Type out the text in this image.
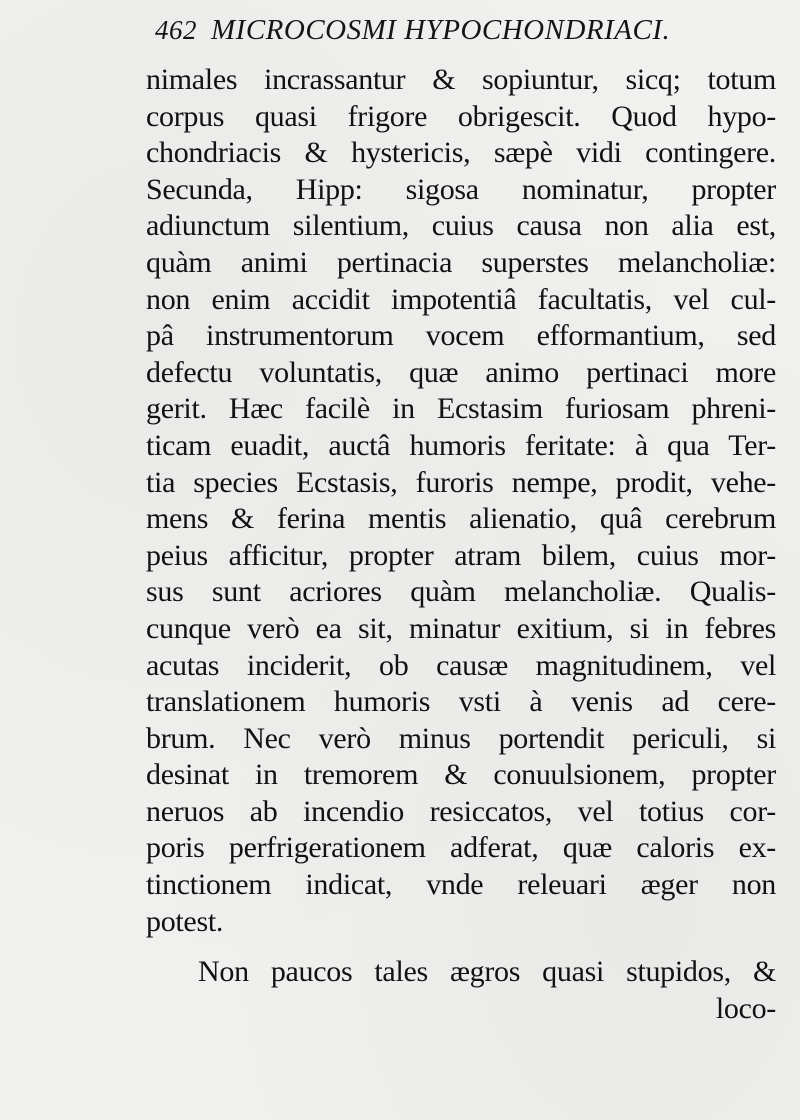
462 MICROCOSMI HYPOCHONDRIACI.
nimales incrassantur & sopiuntur, sicq; totum
corpus quasi frigore obrigescit. Quod hypo-
chondriacis & hystericis, sæpè vidi contingere.
Secunda, Hipp: sigosa nominatur, propter
adiunctum silentium, cuius causa non alia est,
quàm animi pertinacia superstes melancholiæ:
non enim accidit impotentiâ facultatis, vel cul-
pâ instrumentorum vocem efformantium, sed
defectu voluntatis, quæ animo pertinaci more
gerit. Hæc facilè in Ecstasim furiosam phreni-
ticam euadit, auctâ humoris feritate: à qua Ter-
tia species Ecstasis, furoris nempe, prodit, vehe-
mens & ferina mentis alienatio, quâ cerebrum
peius afficitur, propter atram bilem, cuius mor-
sus sunt acriores quàm melancholiæ. Qualis-
cunque verò ea sit, minatur exitium, si in febres
acutas inciderit, ob causæ magnitudinem, vel
translationem humoris vsti à venis ad cere-
brum. Nec verò minus portendit periculi, si
desinat in tremorem & conuulsionem, propter
neruos ab incendio resiccatos, vel totius cor-
poris perfrigerationem adferat, quæ caloris ex-
tinctionem indicat, vnde releuari æger non
potest.
Non paucos tales ægros quasi stupidos, &
loco-
